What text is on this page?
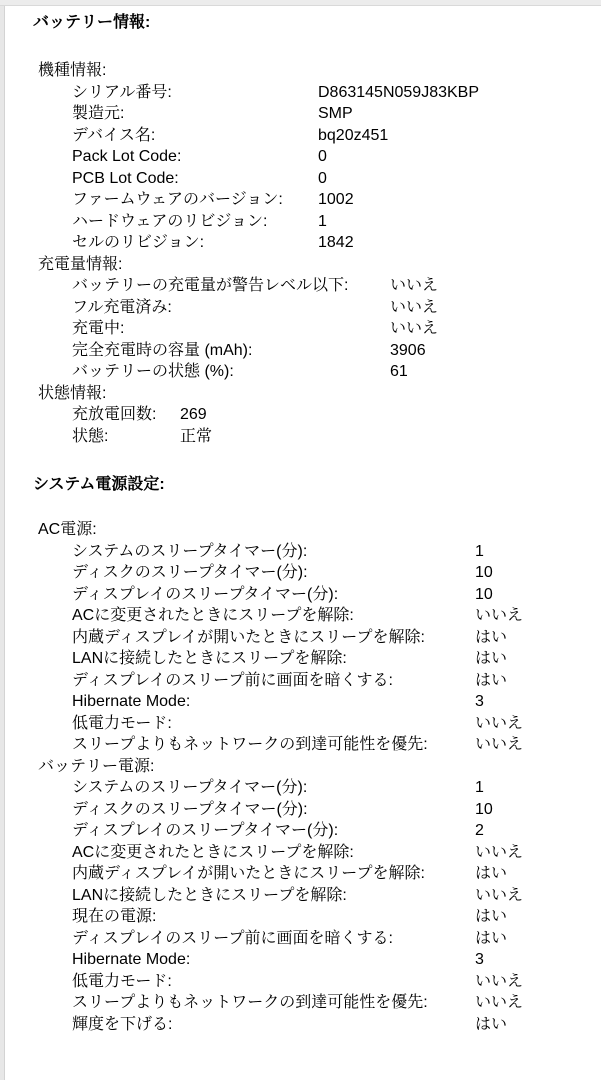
バッテリー情報:
機種情報:
シリアル番号:	D863145N059J83KBP
製造元:	SMP
デバイス名:	bq20z451
Pack Lot Code:	0
PCB Lot Code:	0
ファームウェアのバージョン:	1002
ハードウェアのリビジョン:	1
セルのリビジョン:	1842
充電量情報:
バッテリーの充電量が警告レベル以下:	いいえ
フル充電済み:	いいえ
充電中:	いいえ
完全充電時の容量 (mAh):	3906
バッテリーの状態 (%):	61
状態情報:
充放電回数:	269
状態:	正常
システム電源設定:
AC電源:
システムのスリープタイマー(分):	1
ディスクのスリープタイマー(分):	10
ディスプレイのスリープタイマー(分):	10
ACに変更されたときにスリープを解除:	いいえ
内蔵ディスプレイが開いたときにスリープを解除:	はい
LANに接続したときにスリープを解除:	はい
ディスプレイのスリープ前に画面を暗くする:	はい
Hibernate Mode:	3
低電力モード:	いいえ
スリープよりもネットワークの到達可能性を優先:	いいえ
バッテリー電源:
システムのスリープタイマー(分):	1
ディスクのスリープタイマー(分):	10
ディスプレイのスリープタイマー(分):	2
ACに変更されたときにスリープを解除:	いいえ
内蔵ディスプレイが開いたときにスリープを解除:	はい
LANに接続したときにスリープを解除:	いいえ
現在の電源:	はい
ディスプレイのスリープ前に画面を暗くする:	はい
Hibernate Mode:	3
低電力モード:	いいえ
スリープよりもネットワークの到達可能性を優先:	いいえ
輝度を下げる:	はい
